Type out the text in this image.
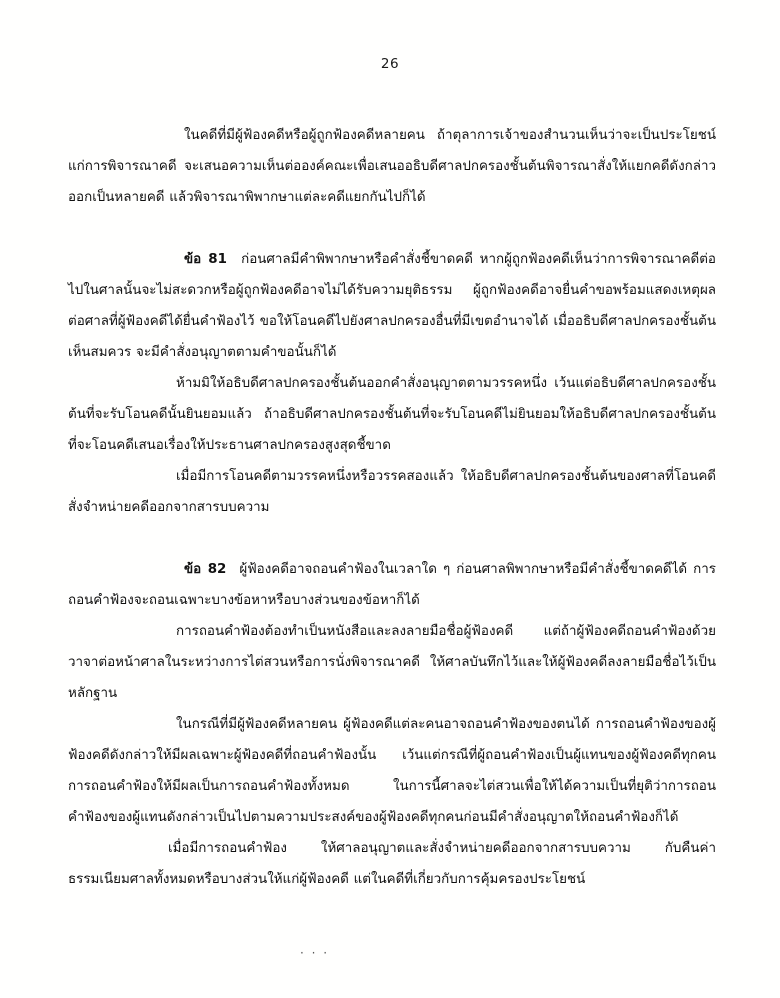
26

ในคดีที่มีผู้ฟ้องคดีหรือผู้ถูกฟ้องคดีหลายคน ถ้าตุลาการเจ้าของสำนวนเห็นว่าจะเป็นประโยชน์แก่การพิจารณาคดี จะเสนอความเห็นต่อองค์คณะเพื่อเสนออธิบดีศาลปกครองชั้นต้นพิจารณาสั่งให้แยกคดีดังกล่าวออกเป็นหลายคดี แล้วพิจารณาพิพากษาแต่ละคดีแยกกันไปก็ได้

ข้อ 81  ก่อนศาลมีคำพิพากษาหรือคำสั่งชี้ขาดคดี หากผู้ถูกฟ้องคดีเห็นว่าการพิจารณาคดีต่อไปในศาลนั้นจะไม่สะดวกหรือผู้ถูกฟ้องคดีอาจไม่ได้รับความยุติธรรม ผู้ถูกฟ้องคดีอาจยื่นคำขอพร้อมแสดงเหตุผลต่อศาลที่ผู้ฟ้องคดีได้ยื่นคำฟ้องไว้ ขอให้โอนคดีไปยังศาลปกครองอื่นที่มีเขตอำนาจได้ เมื่ออธิบดีศาลปกครองชั้นต้นเห็นสมควร จะมีคำสั่งอนุญาตตามคำขอนั้นก็ได้

ห้ามมิให้อธิบดีศาลปกครองชั้นต้นออกคำสั่งอนุญาตตามวรรคหนึ่ง เว้นแต่อธิบดีศาลปกครองชั้นต้นที่จะรับโอนคดีนั้นยินยอมแล้ว ถ้าอธิบดีศาลปกครองชั้นต้นที่จะรับโอนคดีไม่ยินยอมให้อธิบดีศาลปกครองชั้นต้นที่จะโอนคดีเสนอเรื่องให้ประธานศาลปกครองสูงสุดชี้ขาด

เมื่อมีการโอนคดีตามวรรคหนึ่งหรือวรรคสองแล้ว ให้อธิบดีศาลปกครองชั้นต้นของศาลที่โอนคดีสั่งจำหน่ายคดีออกจากสารบบความ

ข้อ 82  ผู้ฟ้องคดีอาจถอนคำฟ้องในเวลาใด ๆ ก่อนศาลพิพากษาหรือมีคำสั่งชี้ขาดคดีได้ การถอนคำฟ้องจะถอนเฉพาะบางข้อหาหรือบางส่วนของข้อหาก็ได้

การถอนคำฟ้องต้องทำเป็นหนังสือและลงลายมือชื่อผู้ฟ้องคดี แต่ถ้าผู้ฟ้องคดีถอนคำฟ้องด้วยวาจาต่อหน้าศาลในระหว่างการไต่สวนหรือการนั่งพิจารณาคดี ให้ศาลบันทึกไว้และให้ผู้ฟ้องคดีลงลายมือชื่อไว้เป็นหลักฐาน

ในกรณีที่มีผู้ฟ้องคดีหลายคน ผู้ฟ้องคดีแต่ละคนอาจถอนคำฟ้องของตนได้ การถอนคำฟ้องของผู้ฟ้องคดีดังกล่าวให้มีผลเฉพาะผู้ฟ้องคดีที่ถอนคำฟ้องนั้น เว้นแต่กรณีที่ผู้ถอนคำฟ้องเป็นผู้แทนของผู้ฟ้องคดีทุกคน การถอนคำฟ้องให้มีผลเป็นการถอนคำฟ้องทั้งหมด ในการนี้ศาลจะไต่สวนเพื่อให้ได้ความเป็นที่ยุติว่าการถอนคำฟ้องของผู้แทนดังกล่าวเป็นไปตามความประสงค์ของผู้ฟ้องคดีทุกคนก่อนมีคำสั่งอนุญาตให้ถอนคำฟ้องก็ได้

เมื่อมีการถอนคำฟ้อง ให้ศาลอนุญาตและสั่งจำหน่ายคดีออกจากสารบบความ กับคืนค่าธรรมเนียมศาลทั้งหมดหรือบางส่วนให้แก่ผู้ฟ้องคดี แต่ในคดีที่เกี่ยวกับการคุ้มครองประโยชน์

· · ·
